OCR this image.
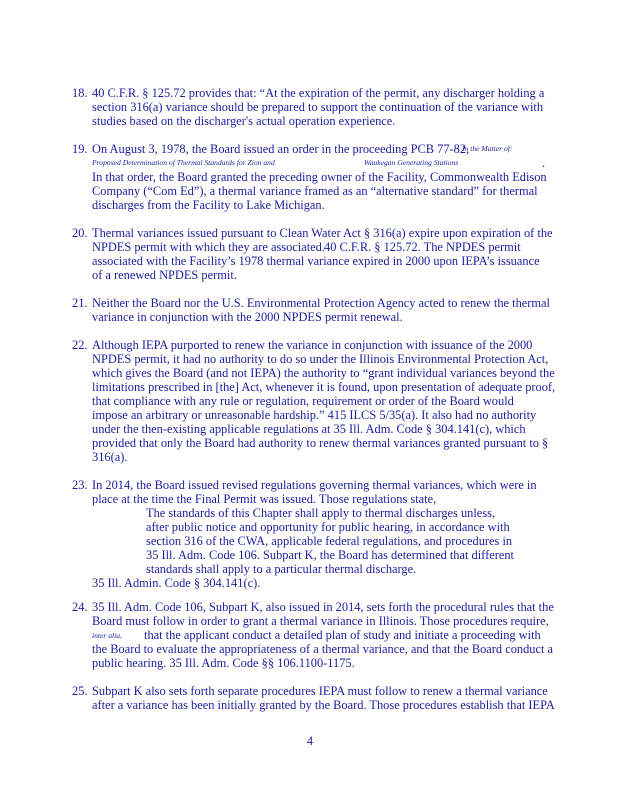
18. 40 C.F.R. § 125.72 provides that: “At the expiration of the permit, any discharger holding a
section 316(a) variance should be prepared to support the continuation of the variance with
studies based on the discharger's actual operation experience.
19. On August 3, 1978, the Board issued an order in the proceeding PCB 77-82,
In the Matter of:
Proposed Determination of Thermal Standards for Zion and	Waukegan Generating Stations	.
In that order, the Board granted the preceding owner of the Facility, Commonwealth Edison
Company (“Com Ed”), a thermal variance framed as an “alternative standard” for thermal
discharges from the Facility to Lake Michigan.
20. Thermal variances issued pursuant to Clean Water Act § 316(a) expire upon expiration of the
NPDES permit with which they are associated. 40 C.F.R. § 125.72. The NPDES permit
associated with the Facility’s 1978 thermal variance expired in 2000 upon IEPA’s issuance
of a renewed NPDES permit.
21. Neither the Board nor the U.S. Environmental Protection Agency acted to renew the thermal
variance in conjunction with the 2000 NPDES permit renewal.
22. Although IEPA purported to renew the variance in conjunction with issuance of the 2000
NPDES permit, it had no authority to do so under the Illinois Environmental Protection Act,
which gives the Board (and not IEPA) the authority to “grant individual variances beyond the
limitations prescribed in [the] Act, whenever it is found, upon presentation of adequate proof,
that compliance with any rule or regulation, requirement or order of the Board would
impose an arbitrary or unreasonable hardship.” 415 ILCS 5/35(a). It also had no authority
under the then-existing applicable regulations at 35 Ill. Adm. Code § 304.141(c), which
provided that only the Board had authority to renew thermal variances granted pursuant to §
316(a).
23. In 2014, the Board issued revised regulations governing thermal variances, which were in
place at the time the Final Permit was issued. Those regulations state,
The standards of this Chapter shall apply to thermal discharges unless,
after public notice and opportunity for public hearing, in accordance with
section 316 of the CWA, applicable federal regulations, and procedures in
35 Ill. Adm. Code 106. Subpart K, the Board has determined that different
standards shall apply to a particular thermal discharge.
35 Ill. Admin. Code § 304.141(c).
24. 35 Ill. Adm. Code 106, Subpart K, also issued in 2014, sets forth the procedural rules that the
Board must follow in order to grant a thermal variance in Illinois. Those procedures require,
inter alia, that the applicant conduct a detailed plan of study and initiate a proceeding with
the Board to evaluate the appropriateness of a thermal variance, and that the Board conduct a
public hearing. 35 Ill. Adm. Code §§ 106.1100-1175.
25. Subpart K also sets forth separate procedures IEPA must follow to renew a thermal variance
after a variance has been initially granted by the Board. Those procedures establish that IEPA
4
